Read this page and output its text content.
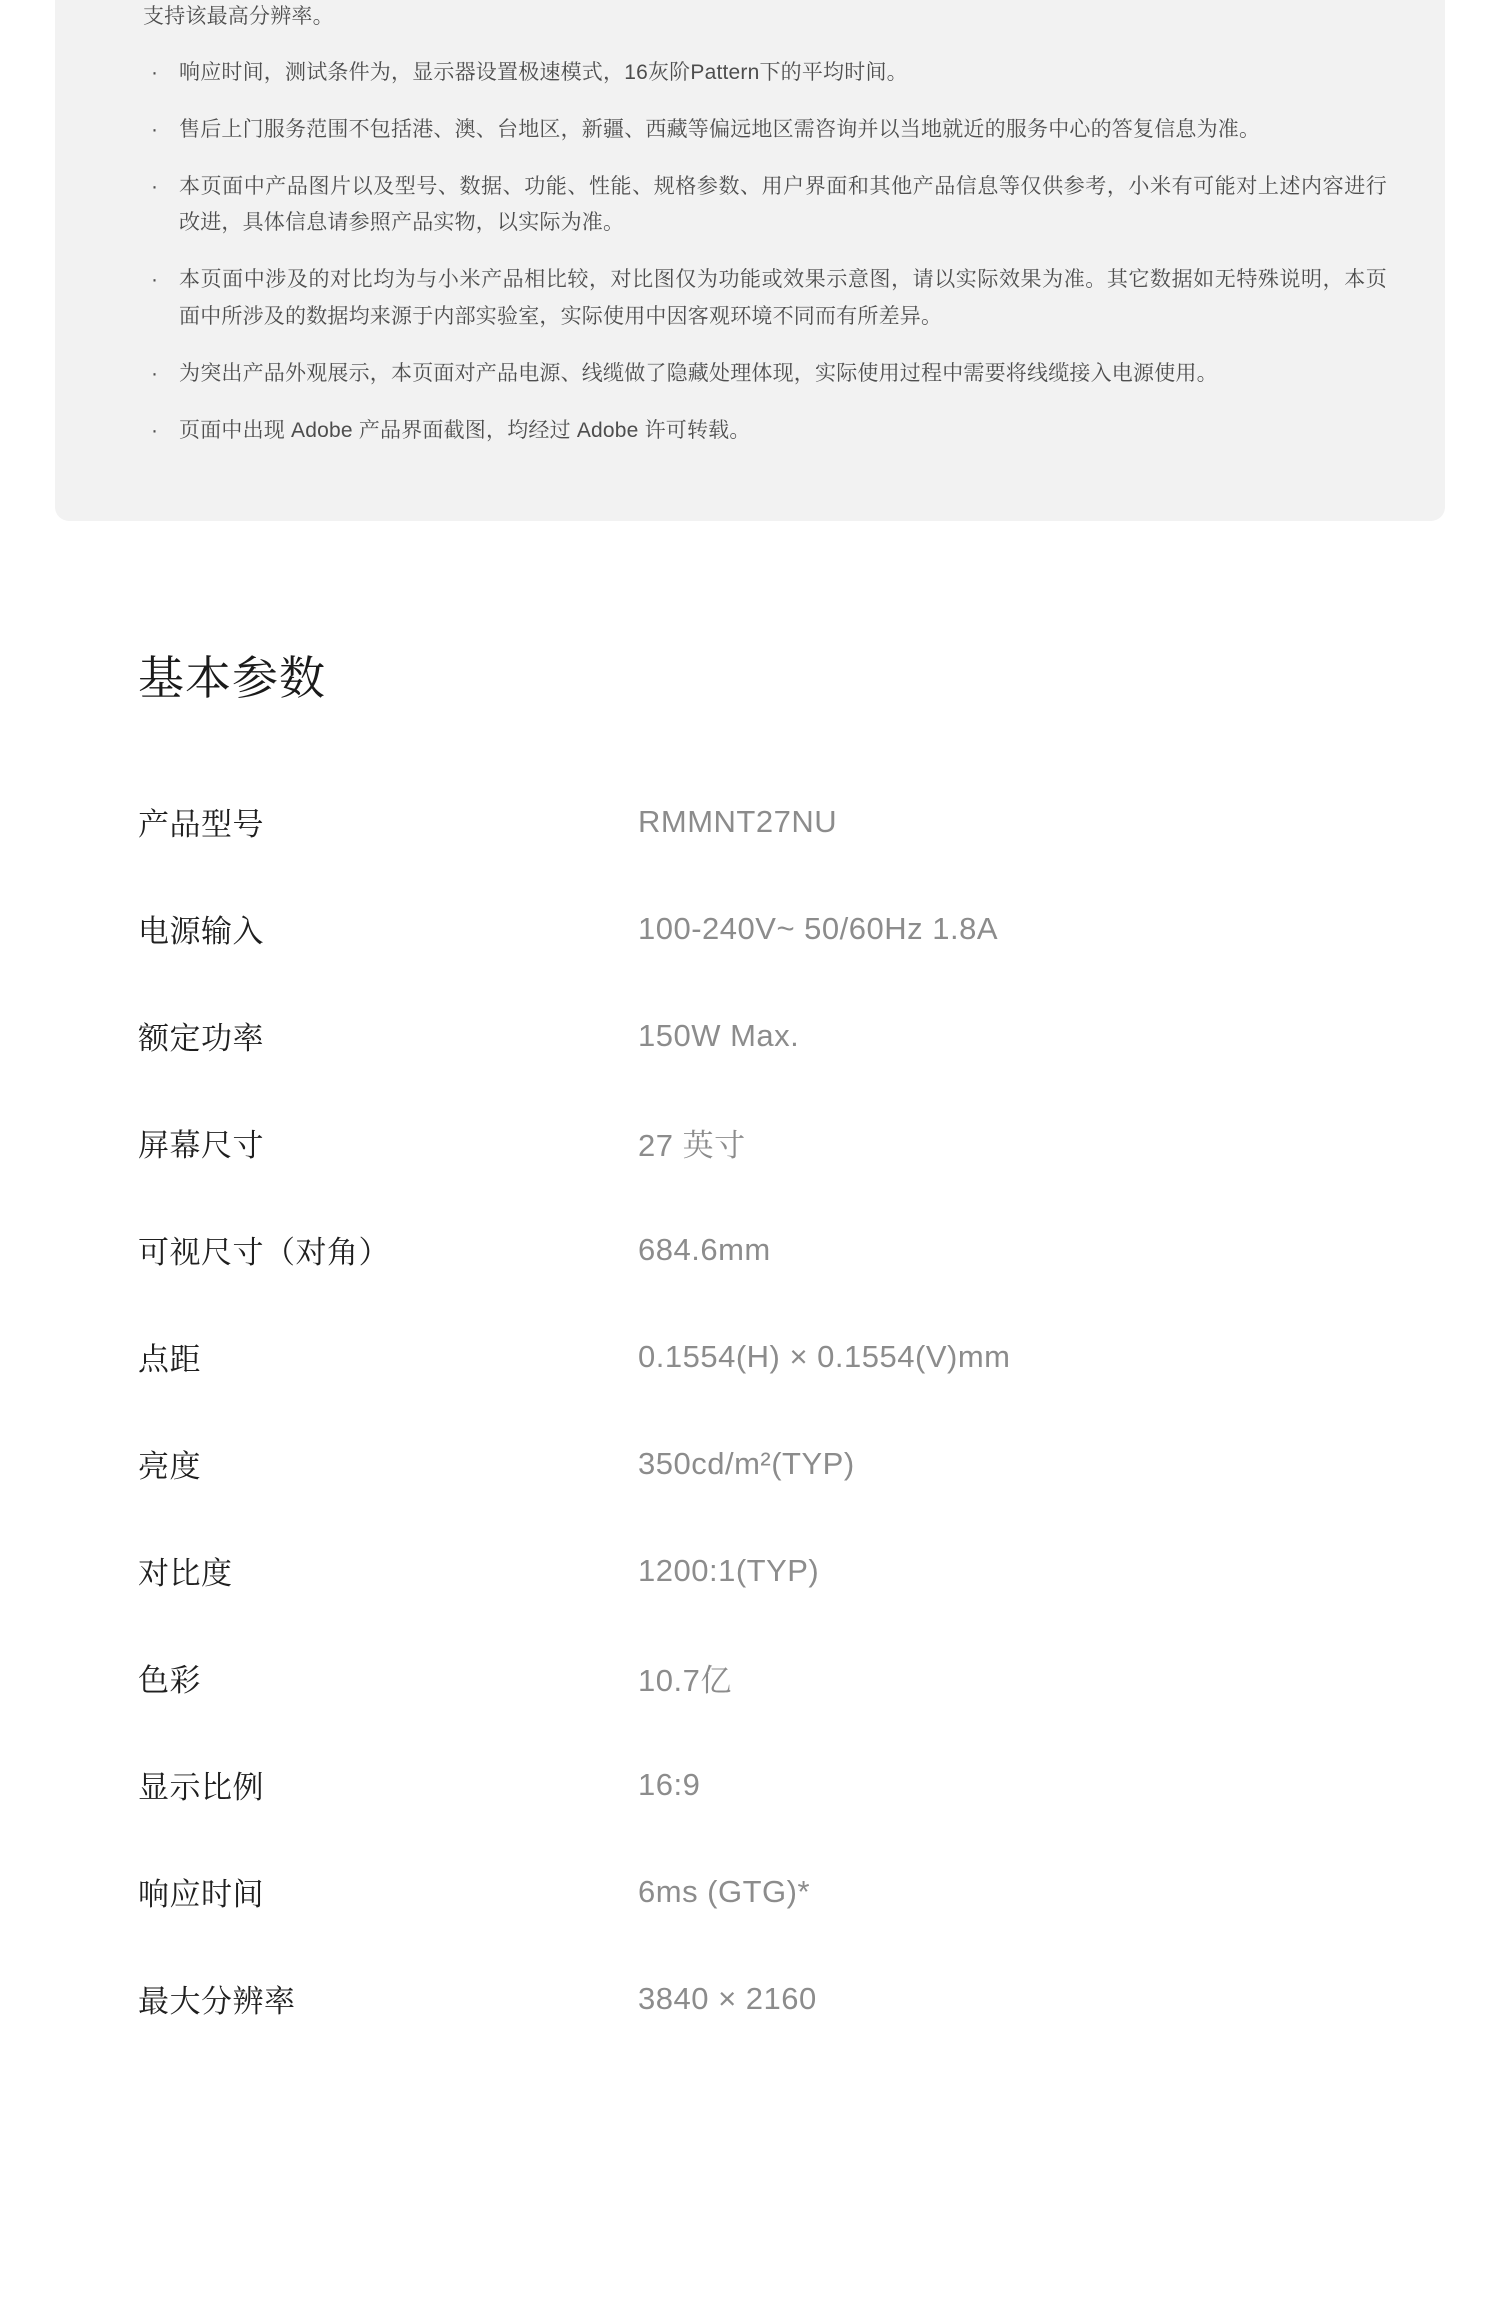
支持该最高分辨率。

· 响应时间，测试条件为，显示器设置极速模式，16灰阶Pattern下的平均时间。

· 售后上门服务范围不包括港、澳、台地区，新疆、西藏等偏远地区需咨询并以当地就近的服务中心的答复信息为准。

· 本页面中产品图片以及型号、数据、功能、性能、规格参数、用户界面和其他产品信息等仅供参考，小米有可能对上述内容进行改进，具体信息请参照产品实物，以实际为准。

· 本页面中涉及的对比均为与小米产品相比较，对比图仅为功能或效果示意图，请以实际效果为准。其它数据如无特殊说明，本页面中所涉及的数据均来源于内部实验室，实际使用中因客观环境不同而有所差异。

· 为突出产品外观展示，本页面对产品电源、线缆做了隐藏处理体现，实际使用过程中需要将线缆接入电源使用。

· 页面中出现 Adobe 产品界面截图，均经过 Adobe 许可转载。

基本参数
产品型号	RMMNT27NU
电源输入	100-240V~ 50/60Hz 1.8A
额定功率	150W Max.
屏幕尺寸	27 英寸
可视尺寸（对角）	684.6mm
点距	0.1554(H) × 0.1554(V)mm
亮度	350cd/m²(TYP)
对比度	1200:1(TYP)
色彩	10.7亿
显示比例	16:9
响应时间	6ms (GTG)*
最大分辨率	3840 × 2160
